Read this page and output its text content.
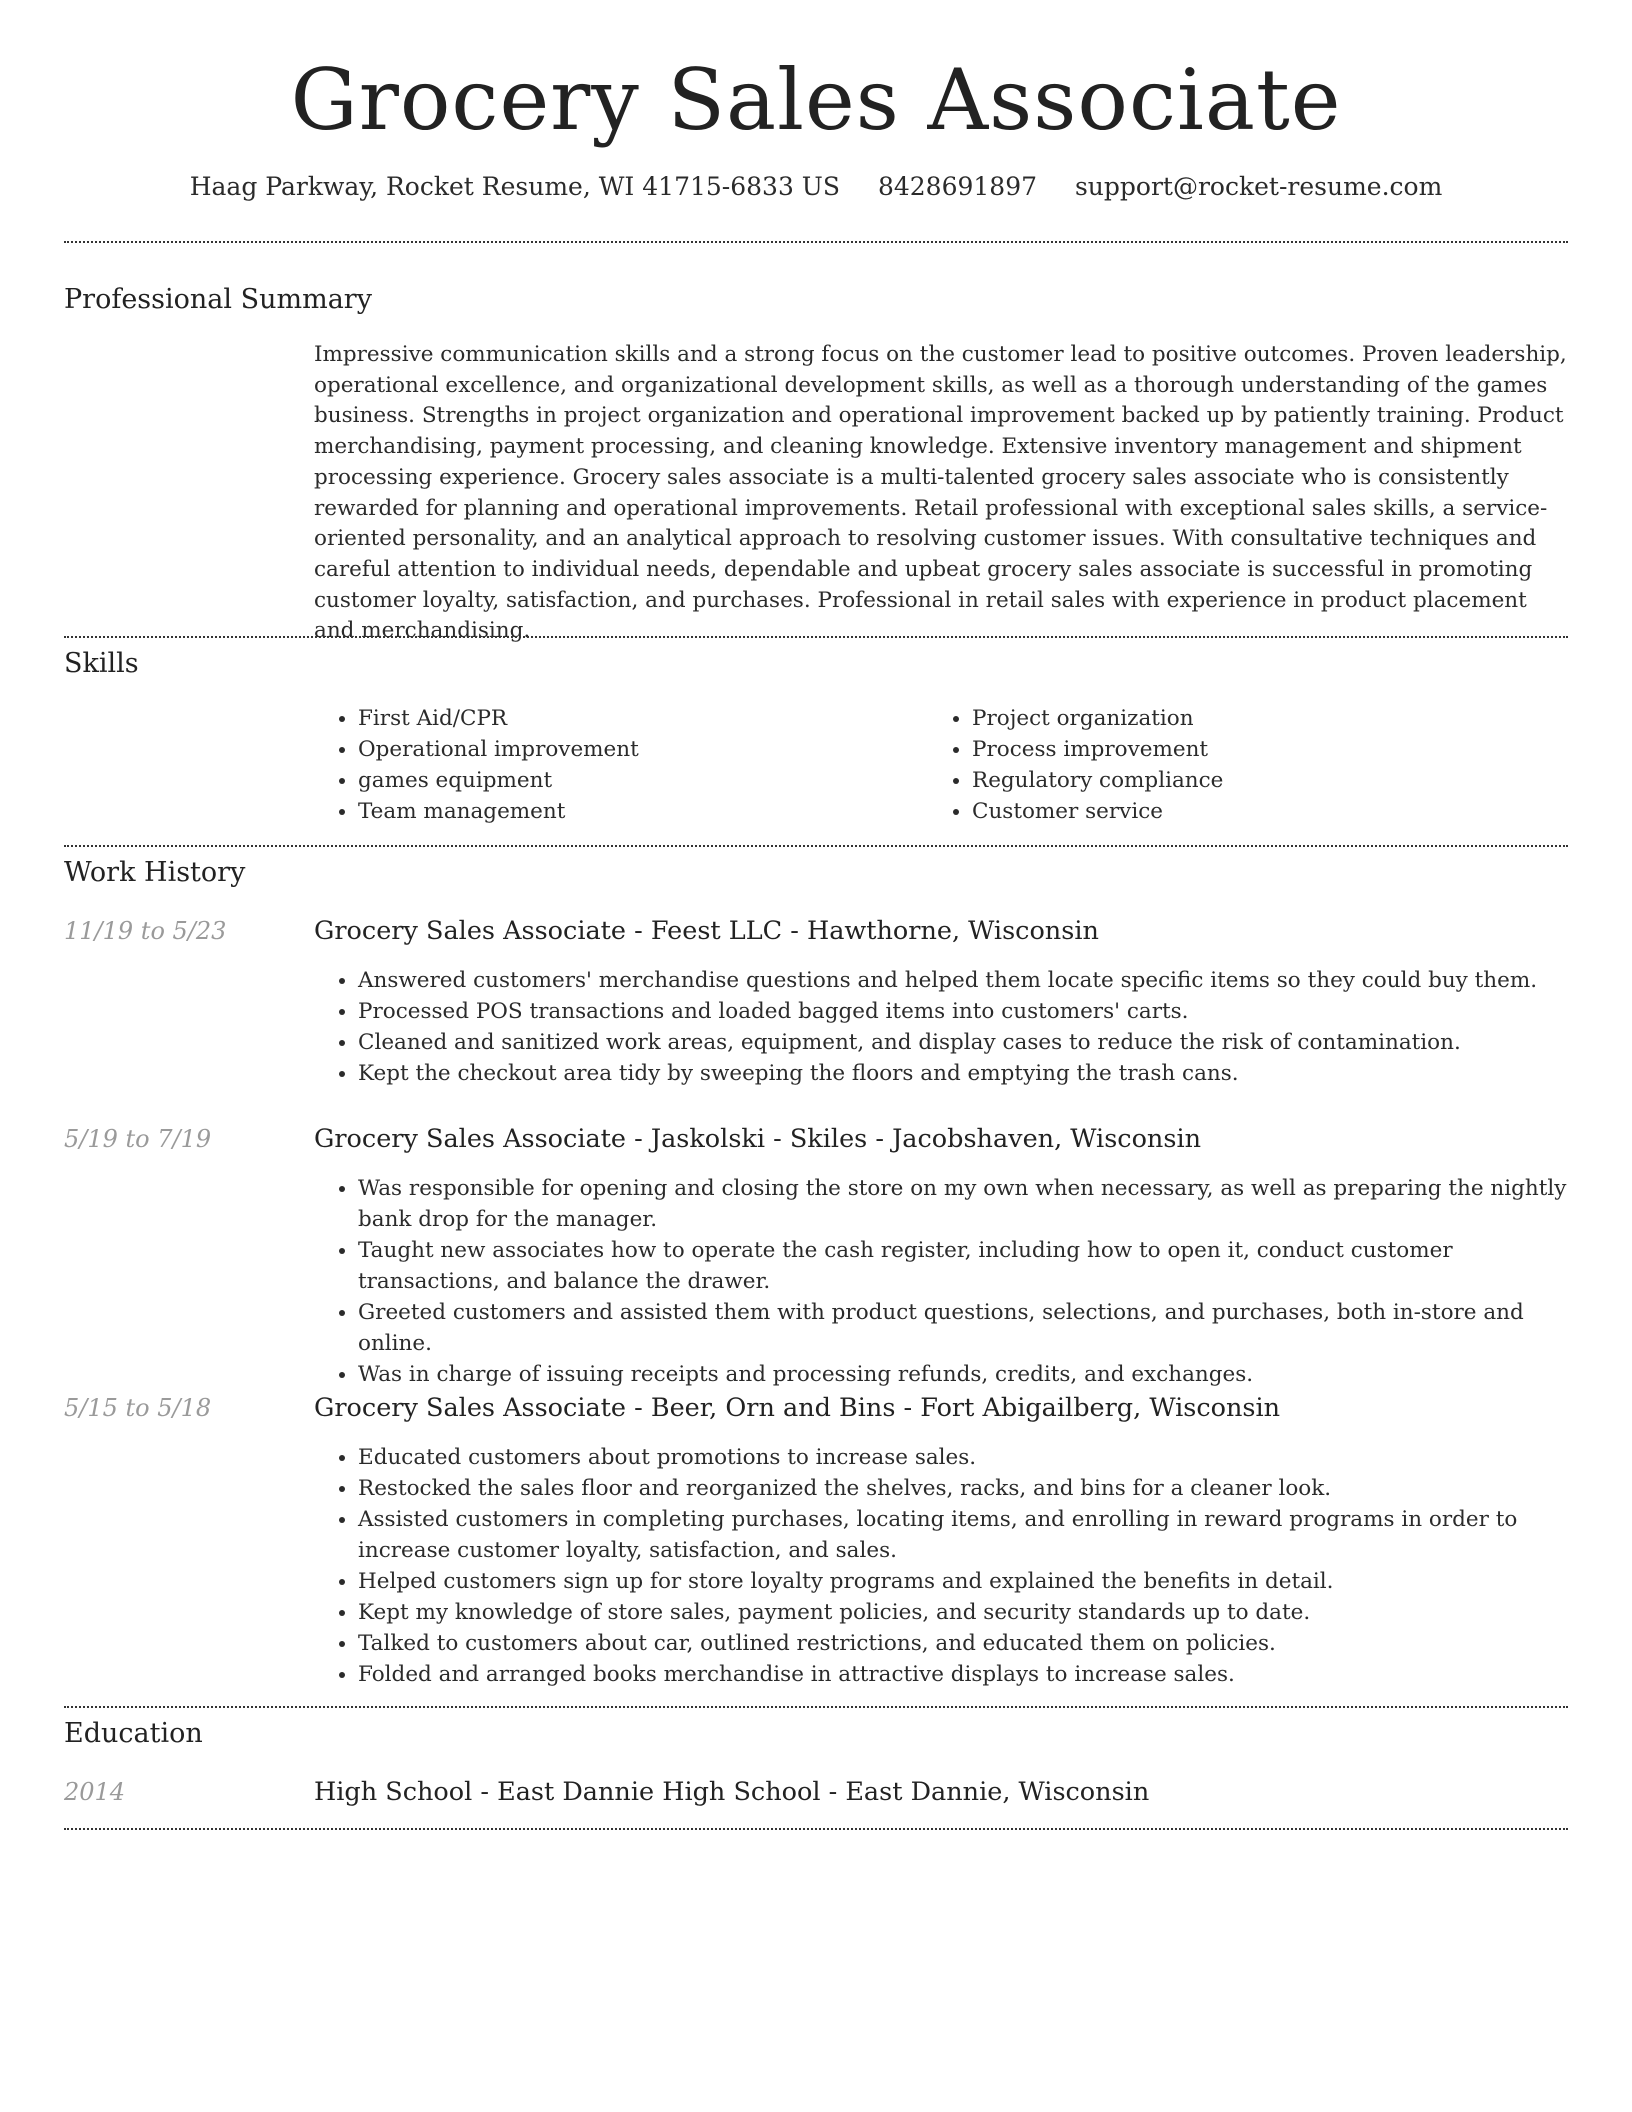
Grocery Sales Associate
Haag Parkway, Rocket Resume, WI 41715-6833 US 8428691897 support@rocket-resume.com
Professional Summary

Impressive communication skills and a strong focus on the customer lead to positive outcomes. Proven leadership, operational excellence, and organizational development skills, as well as a thorough understanding of the games business. Strengths in project organization and operational improvement backed up by patiently training. Product merchandising, payment processing, and cleaning knowledge. Extensive inventory management and shipment processing experience. Grocery sales associate is a multi-talented grocery sales associate who is consistently rewarded for planning and operational improvements. Retail professional with exceptional sales skills, a service-oriented personality, and an analytical approach to resolving customer issues. With consultative techniques and careful attention to individual needs, dependable and upbeat grocery sales associate is successful in promoting customer loyalty, satisfaction, and purchases. Professional in retail sales with experience in product placement and merchandising.

Skills
• First Aid/CPR
• Operational improvement
• games equipment
• Team management
• Project organization
• Process improvement
• Regulatory compliance
• Customer service
Work History
11/19 to 5/23	Grocery Sales Associate - Feest LLC - Hawthorne, Wisconsin
• Answered customers' merchandise questions and helped them locate specific items so they could buy them.
• Processed POS transactions and loaded bagged items into customers' carts.
• Cleaned and sanitized work areas, equipment, and display cases to reduce the risk of contamination.
• Kept the checkout area tidy by sweeping the floors and emptying the trash cans.
5/19 to 7/19	Grocery Sales Associate - Jaskolski - Skiles - Jacobshaven, Wisconsin
• Was responsible for opening and closing the store on my own when necessary, as well as preparing the nightly bank drop for the manager.
• Taught new associates how to operate the cash register, including how to open it, conduct customer transactions, and balance the drawer.
• Greeted customers and assisted them with product questions, selections, and purchases, both in-store and online.
• Was in charge of issuing receipts and processing refunds, credits, and exchanges.
5/15 to 5/18	Grocery Sales Associate - Beer, Orn and Bins - Fort Abigailberg, Wisconsin
• Educated customers about promotions to increase sales.
• Restocked the sales floor and reorganized the shelves, racks, and bins for a cleaner look.
• Assisted customers in completing purchases, locating items, and enrolling in reward programs in order to increase customer loyalty, satisfaction, and sales.
• Helped customers sign up for store loyalty programs and explained the benefits in detail.
• Kept my knowledge of store sales, payment policies, and security standards up to date.
• Talked to customers about car, outlined restrictions, and educated them on policies.
• Folded and arranged books merchandise in attractive displays to increase sales.
Education
2014	High School - East Dannie High School - East Dannie, Wisconsin
